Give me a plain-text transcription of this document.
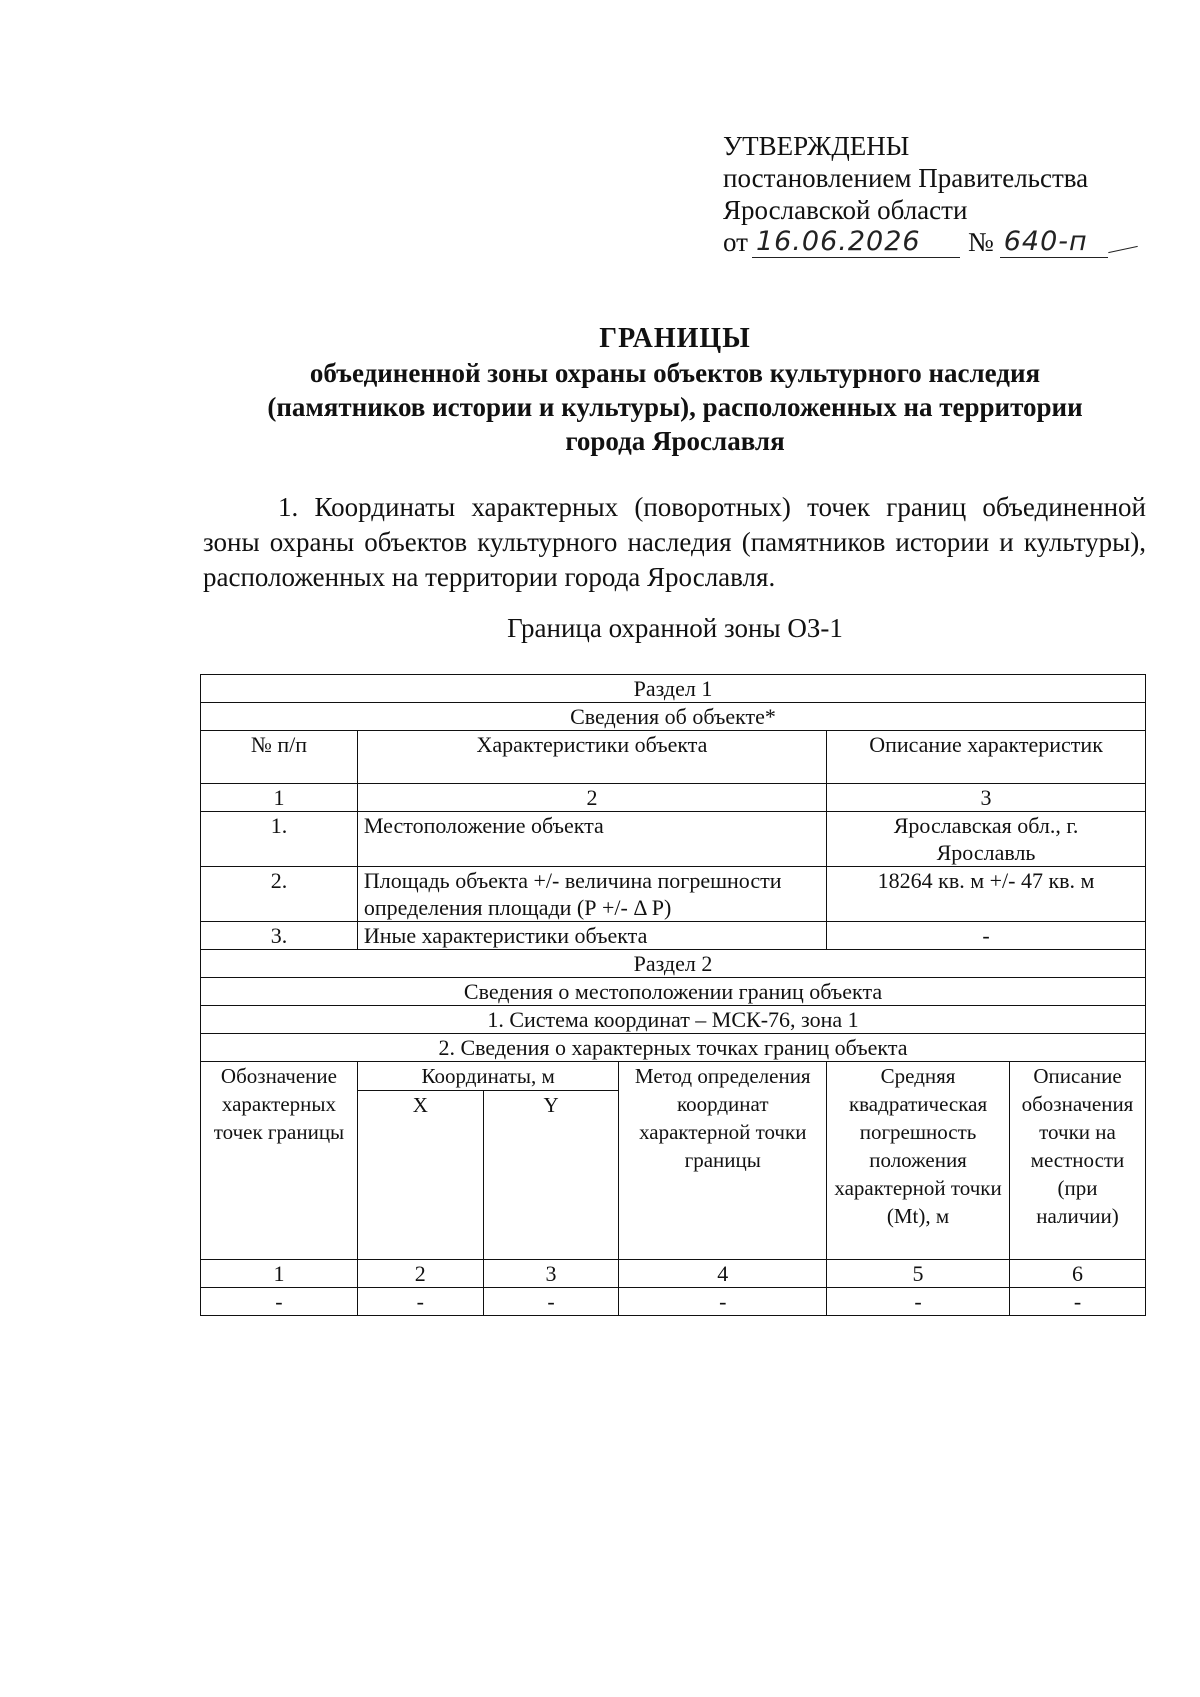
УТВЕРЖДЕНЫ
постановлением Правительства
Ярославской области
от 16.06.2026	№ 640-п
ГРАНИЦЫ
объединенной зоны охраны объектов культурного наследия
(памятников истории и культуры), расположенных на территории
города Ярославля
1. Координаты характерных (поворотных) точек границ объединенной зоны охраны объектов культурного наследия (памятников истории и культуры), расположенных на территории города Ярославля.
Граница охранной зоны ОЗ-1
Раздел 1					
Сведения об объекте*					
№ п/п	Характеристики объекта			Описание характеристик	
1	2			3	
1.	Местоположение объекта			Ярославская обл., г. Ярославль	
2.	Площадь объекта +/- величина погрешности определения площади (Р +/- Δ Р)			18264 кв. м +/- 47 кв. м	
3.	Иные характеристики объекта			-	
Раздел 2					
Сведения о местоположении границ объекта					
1. Система координат – МСК-76, зона 1					
2. Сведения о характерных точках границ объекта					
Обозначение характерных точек границы	Координаты, м		Метод определения координат характерной точки границы	Средняя квадратическая погрешность положения характерной точки (Mt), м	Описание обозначения точки на местности (при наличии)
	X	Y			
1	2	3	4	5	6
-	-	-	-	-	-
